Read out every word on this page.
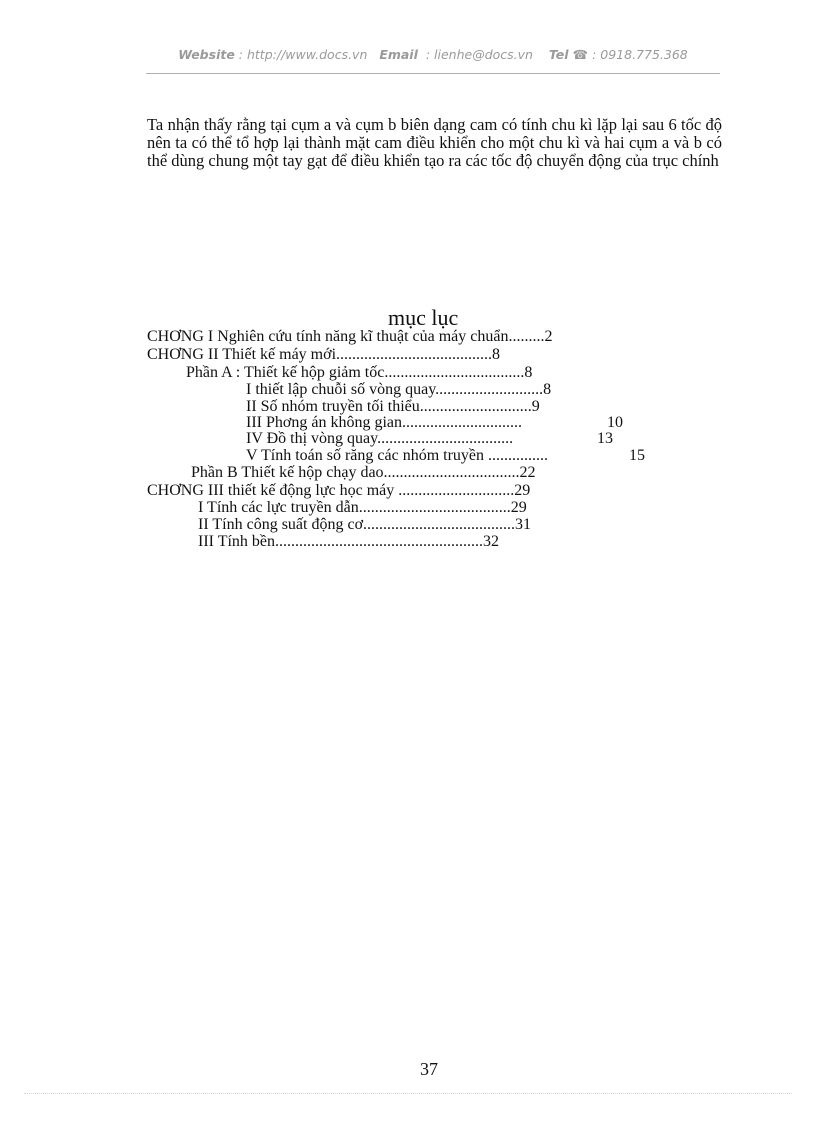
Website : http://www.docs.vn Email : lienhe@docs.vn Tel ☎ : 0918.775.368
Ta nhận thấy rằng tại cụm a và cụm b biên dạng cam có tính chu kì lặp lại sau 6 tốc độ nên ta có thể tổ hợp lại thành mặt cam điều khiển cho một chu kì và hai cụm a và b có thể dùng chung một tay gạt để điều khiển tạo ra các tốc độ chuyển động của trục chính
mục lục
CHƠNG I Nghiên cứu tính năng kĩ thuật của máy chuẩn.........2
CHƠNG II Thiết kế máy mới.......................................8
Phần A : Thiết kế hộp giảm tốc...................................8
I thiết lập chuỗi số vòng quay...........................8
II Số nhóm truyền tối thiểu............................9
III Phơng án không gian..............................	10
IV Đồ thị vòng quay..................................	13
V Tính toán số răng các nhóm truyền ...............	15
Phần B Thiết kế hộp chạy dao..................................22
CHƠNG III thiết kế động lực học máy .............................29
I Tính các lực truyền dẫn......................................29
II Tính công suất động cơ......................................31
III Tính bền....................................................32
37
